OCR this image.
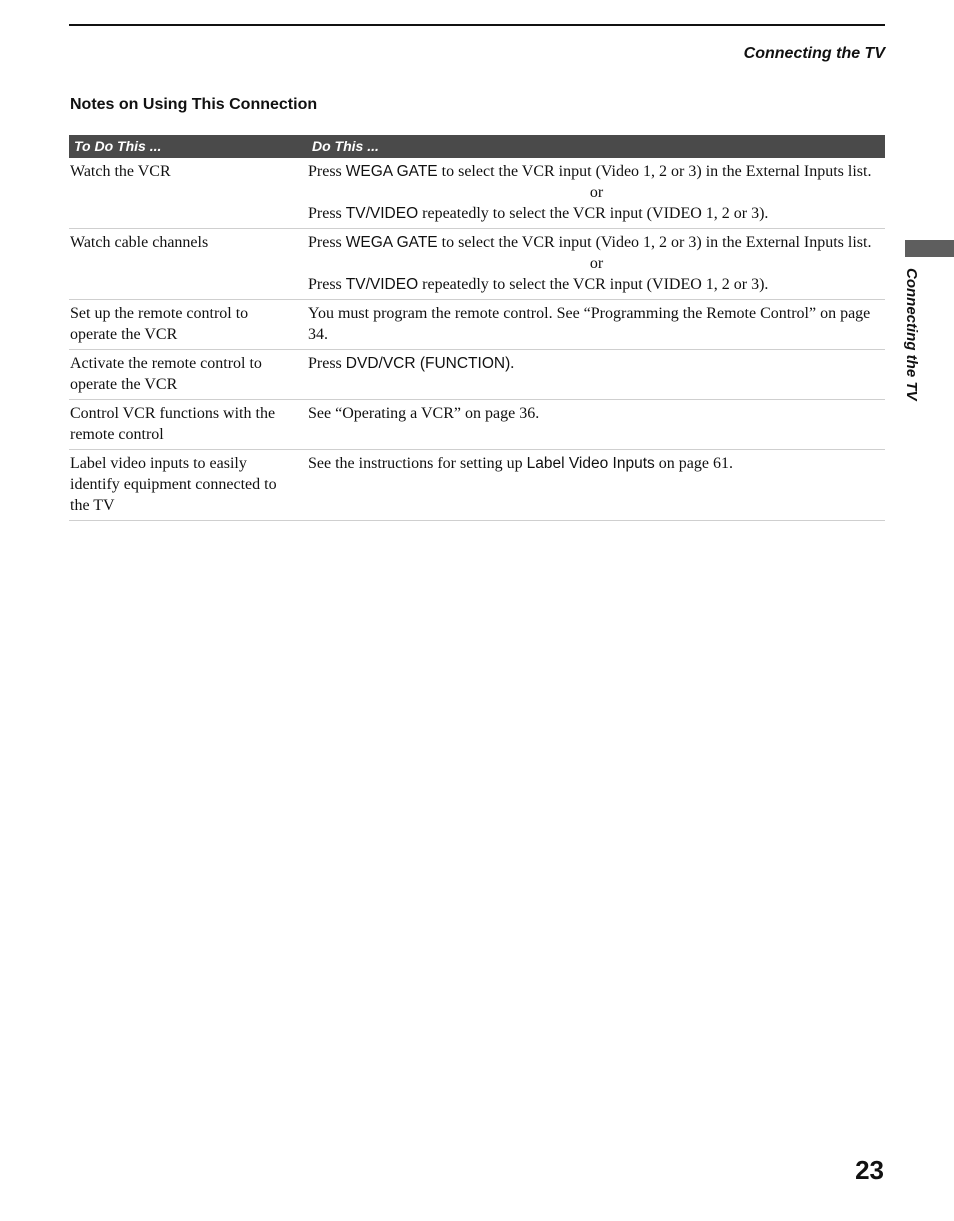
Connecting the TV
Notes on Using This Connection
Connecting the TV
To Do This ...	Do This ...
Watch the VCR	Press WEGA GATE to select the VCR input (Video 1, 2 or 3) in the External Inputs list.
or
Press TV/VIDEO repeatedly to select the VCR input (VIDEO 1, 2 or 3).

Watch cable channels	Press WEGA GATE to select the VCR input (Video 1, 2 or 3) in the External Inputs list.
or
Press TV/VIDEO repeatedly to select the VCR input (VIDEO 1, 2 or 3).

Set up the remote control to operate the VCR	You must program the remote control. See “Programming the Remote Control” on page 34.
Activate the remote control to operate the VCR	Press DVD/VCR (FUNCTION).
Control VCR functions with the remote control	See “Operating a VCR” on page 36.
Label video inputs to easily identify equipment connected to the TV	See the instructions for setting up Label Video Inputs on page 61.
23
